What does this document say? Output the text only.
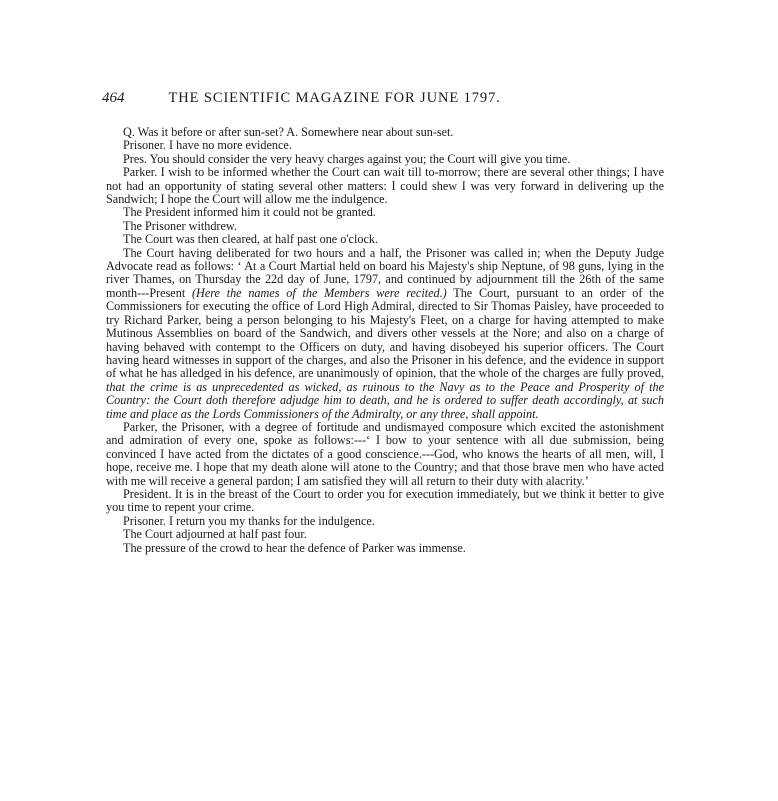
464	THE SCIENTIFIC MAGAZINE FOR JUNE 1797.

Q. Was it before or after sun-set? A. Somewhere near about sun-set.

Prisoner. I have no more evidence.

Pres. You should consider the very heavy charges against you; the Court will give you time.

Parker. I wish to be informed whether the Court can wait till to-morrow; there are several other things; I have not had an opportunity of stating several other matters: I could shew I was very forward in delivering up the Sandwich; I hope the Court will allow me the indulgence.

The President informed him it could not be granted.

The Prisoner withdrew.

The Court was then cleared, at half past one o'clock.

The Court having deliberated for two hours and a half, the Prisoner was called in; when the Deputy Judge Advocate read as follows: ‘ At a Court Martial held on board his Majesty's ship Neptune, of 98 guns, lying in the river Thames, on Thursday the 22d day of June, 1797, and continued by adjournment till the 26th of the same month---Present (Here the names of the Members were recited.) The Court, pursuant to an order of the Commissioners for executing the office of Lord High Admiral, directed to Sir Thomas Paisley, have proceeded to try Richard Parker, being a person belonging to his Majesty's Fleet, on a charge for having attempted to make Mutinous Assemblies on board of the Sandwich, and divers other vessels at the Nore; and also on a charge of having behaved with contempt to the Officers on duty, and having disobeyed his superior officers. The Court having heard witnesses in support of the charges, and also the Prisoner in his defence, and the evidence in support of what he has alledged in his defence, are unanimously of opinion, that the whole of the charges are fully proved, that the crime is as unprecedented as wicked, as ruinous to the Navy as to the Peace and Prosperity of the Country: the Court doth therefore adjudge him to death, and he is ordered to suffer death accordingly, at such time and place as the Lords Commissioners of the Admiralty, or any three, shall appoint.

Parker, the Prisoner, with a degree of fortitude and undismayed composure which excited the astonishment and admiration of every one, spoke as follows:---‘ I bow to your sentence with all due submission, being convinced I have acted from the dictates of a good conscience.---God, who knows the hearts of all men, will, I hope, receive me. I hope that my death alone will atone to the Country; and that those brave men who have acted with me will receive a general pardon; I am satisfied they will all return to their duty with alacrity.’

President. It is in the breast of the Court to order you for execution immediately, but we think it better to give you time to repent your crime.

Prisoner. I return you my thanks for the indulgence.

The Court adjourned at half past four.

The pressure of the crowd to hear the defence of Parker was immense.
